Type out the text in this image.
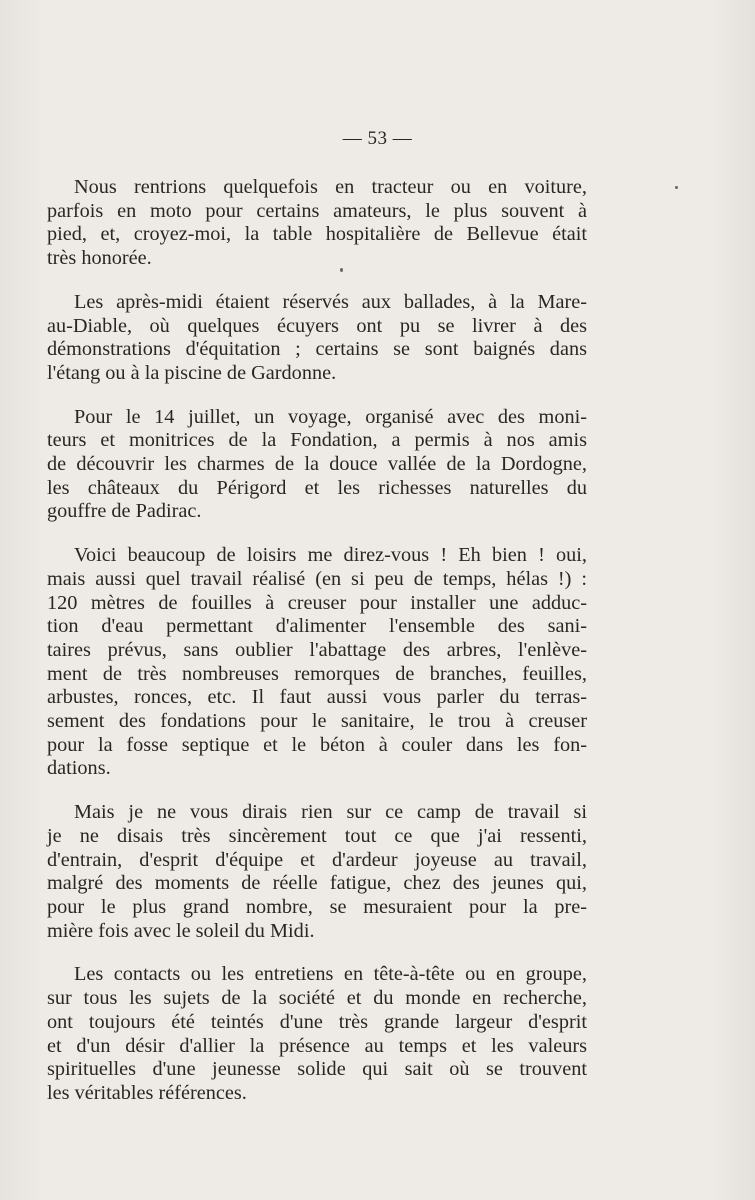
— 53 —

Nous rentrions quelquefois en tracteur ou en voiture,
parfois en moto pour certains amateurs, le plus souvent à
pied, et, croyez-moi, la table hospitalière de Bellevue était
très honorée.

Les après-midi étaient réservés aux ballades, à la Mare-
au-Diable, où quelques écuyers ont pu se livrer à des
démonstrations d'équitation ; certains se sont baignés dans
l'étang ou à la piscine de Gardonne.

Pour le 14 juillet, un voyage, organisé avec des moni-
teurs et monitrices de la Fondation, a permis à nos amis
de découvrir les charmes de la douce vallée de la Dordogne,
les châteaux du Périgord et les richesses naturelles du
gouffre de Padirac.

Voici beaucoup de loisirs me direz-vous ! Eh bien ! oui,
mais aussi quel travail réalisé (en si peu de temps, hélas !) :
120 mètres de fouilles à creuser pour installer une adduc-
tion d'eau permettant d'alimenter l'ensemble des sani-
taires prévus, sans oublier l'abattage des arbres, l'enlève-
ment de très nombreuses remorques de branches, feuilles,
arbustes, ronces, etc. Il faut aussi vous parler du terras-
sement des fondations pour le sanitaire, le trou à creuser
pour la fosse septique et le béton à couler dans les fon-
dations.

Mais je ne vous dirais rien sur ce camp de travail si
je ne disais très sincèrement tout ce que j'ai ressenti,
d'entrain, d'esprit d'équipe et d'ardeur joyeuse au travail,
malgré des moments de réelle fatigue, chez des jeunes qui,
pour le plus grand nombre, se mesuraient pour la pre-
mière fois avec le soleil du Midi.

Les contacts ou les entretiens en tête-à-tête ou en groupe,
sur tous les sujets de la société et du monde en recherche,
ont toujours été teintés d'une très grande largeur d'esprit
et d'un désir d'allier la présence au temps et les valeurs
spirituelles d'une jeunesse solide qui sait où se trouvent
les véritables références.
